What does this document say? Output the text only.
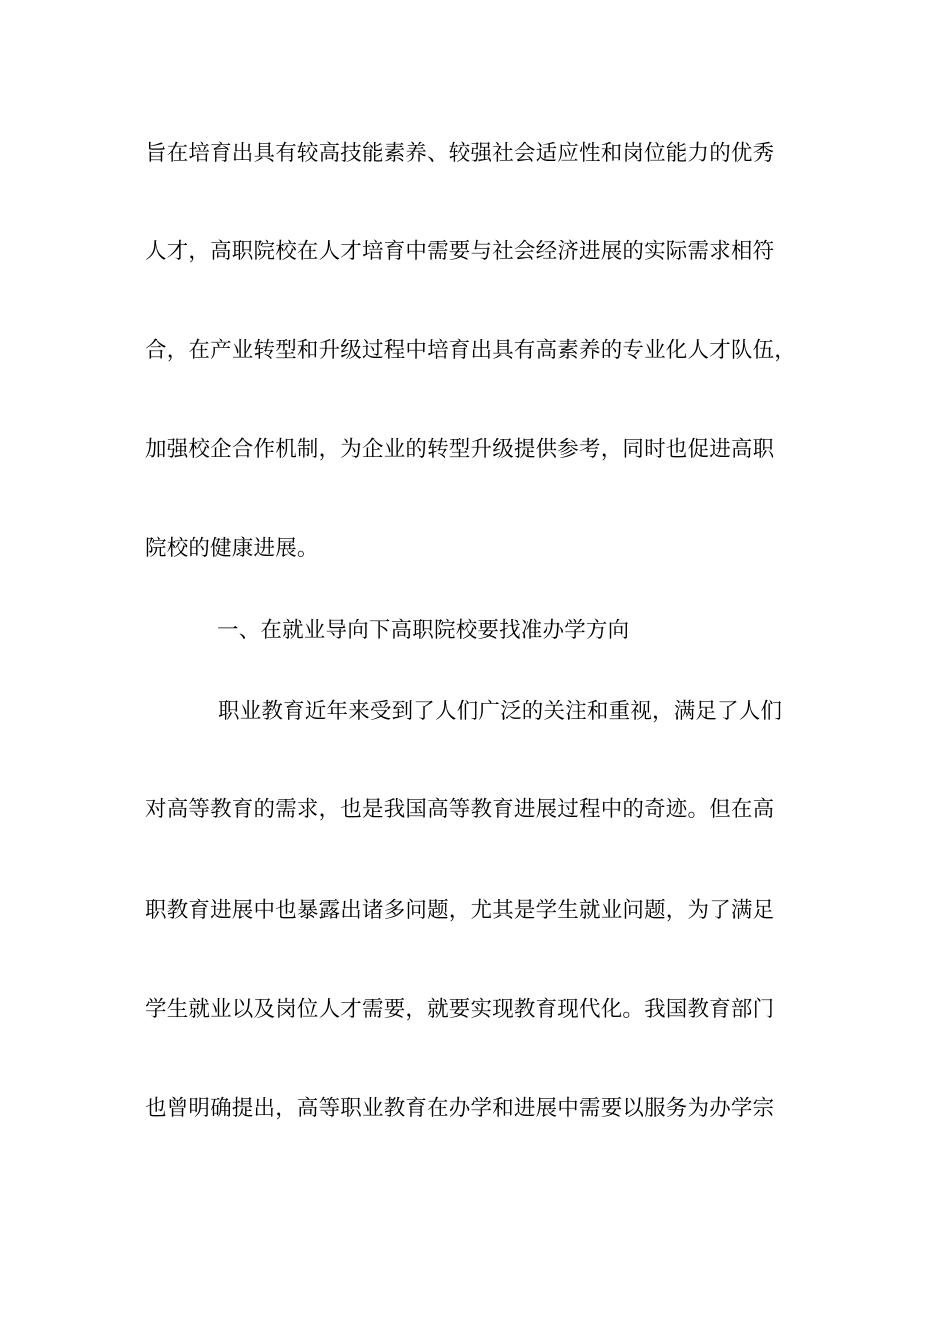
旨在培育出具有较高技能素养、较强社会适应性和岗位能力的优秀
人才，高职院校在人才培育中需要与社会经济进展的实际需求相符
合，在产业转型和升级过程中培育出具有高素养的专业化人才队伍，
加强校企合作机制，为企业的转型升级提供参考，同时也促进高职
院校的健康进展。
一、在就业导向下高职院校要找准办学方向
职业教育近年来受到了人们广泛的关注和重视，满足了人们
对高等教育的需求，也是我国高等教育进展过程中的奇迹。但在高
职教育进展中也暴露出诸多问题，尤其是学生就业问题，为了满足
学生就业以及岗位人才需要，就要实现教育现代化。我国教育部门
也曾明确提出，高等职业教育在办学和进展中需要以服务为办学宗
